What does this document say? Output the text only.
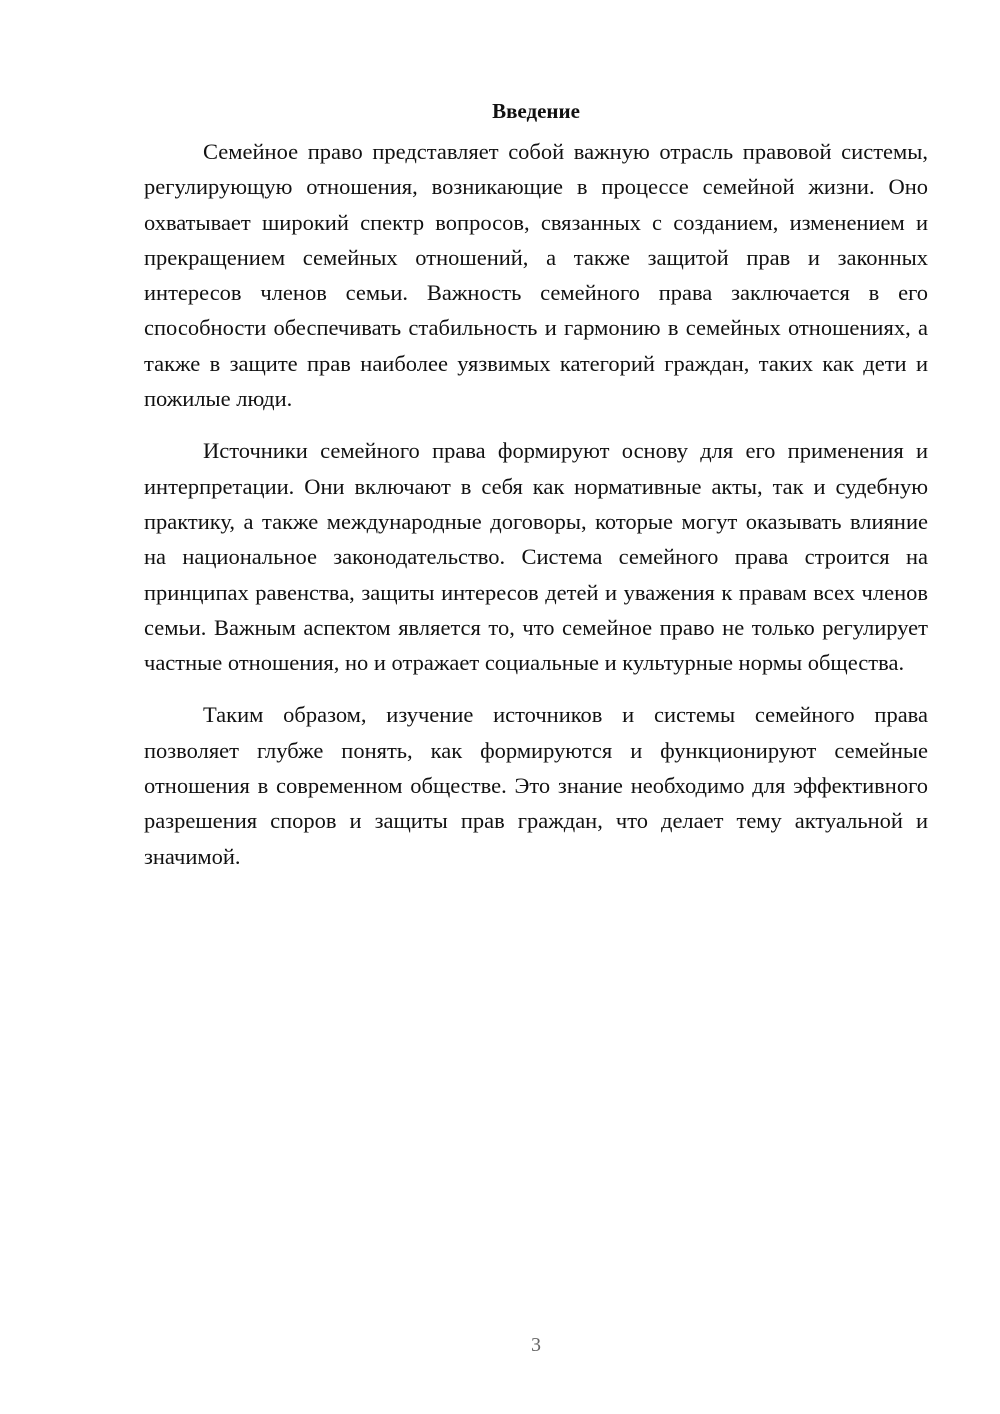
Введение

Семейное право представляет собой важную отрасль правовой системы, регулирующую отношения, возникающие в процессе семейной жизни. Оно охватывает широкий спектр вопросов, связанных с созданием, изменением и прекращением семейных отношений, а также защитой прав и законных интересов членов семьи. Важность семейного права заключается в его способности обеспечивать стабильность и гармонию в семейных отношениях, а также в защите прав наиболее уязвимых категорий граждан, таких как дети и пожилые люди.

Источники семейного права формируют основу для его применения и интерпретации. Они включают в себя как нормативные акты, так и судебную практику, а также международные договоры, которые могут оказывать влияние на национальное законодательство. Система семейного права строится на принципах равенства, защиты интересов детей и уважения к правам всех членов семьи. Важным аспектом является то, что семейное право не только регулирует частные отношения, но и отражает социальные и культурные нормы общества.

Таким образом, изучение источников и системы семейного права позволяет глубже понять, как формируются и функционируют семейные отношения в современном обществе. Это знание необходимо для эффективного разрешения споров и защиты прав граждан, что делает тему актуальной и значимой.

3
